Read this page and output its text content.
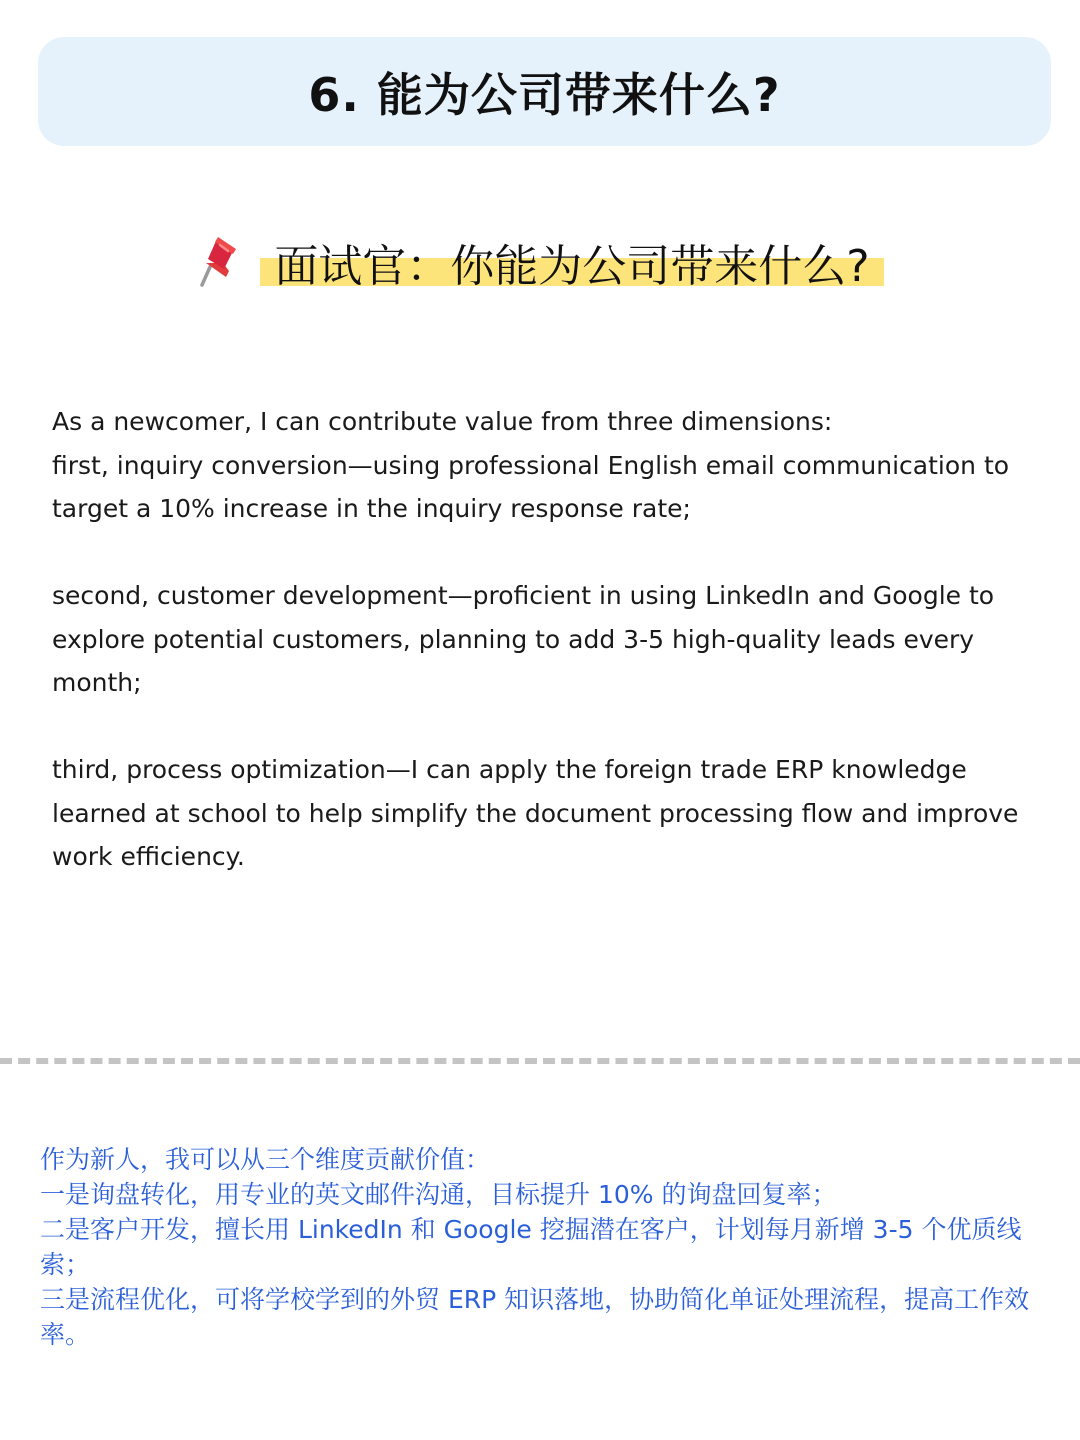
6. 能为公司带来什么?
面试官：你能为公司带来什么?

As a newcomer, I can contribute value from three dimensions:

first, inquiry conversion—using professional English email communication to target a 10% increase in the inquiry response rate;

second, customer development—proficient in using LinkedIn and Google to explore potential customers, planning to add 3-5 high-quality leads every month;

third, process optimization—I can apply the foreign trade ERP knowledge learned at school to help simplify the document processing flow and improve work efficiency.

作为新人，我可以从三个维度贡献价值：

一是询盘转化，用专业的英文邮件沟通，目标提升 10% 的询盘回复率；

二是客户开发，擅长用 LinkedIn 和 Google 挖掘潜在客户，计划每月新增 3-5 个优质线索；

三是流程优化，可将学校学到的外贸 ERP 知识落地，协助简化单证处理流程，提高工作效率。
